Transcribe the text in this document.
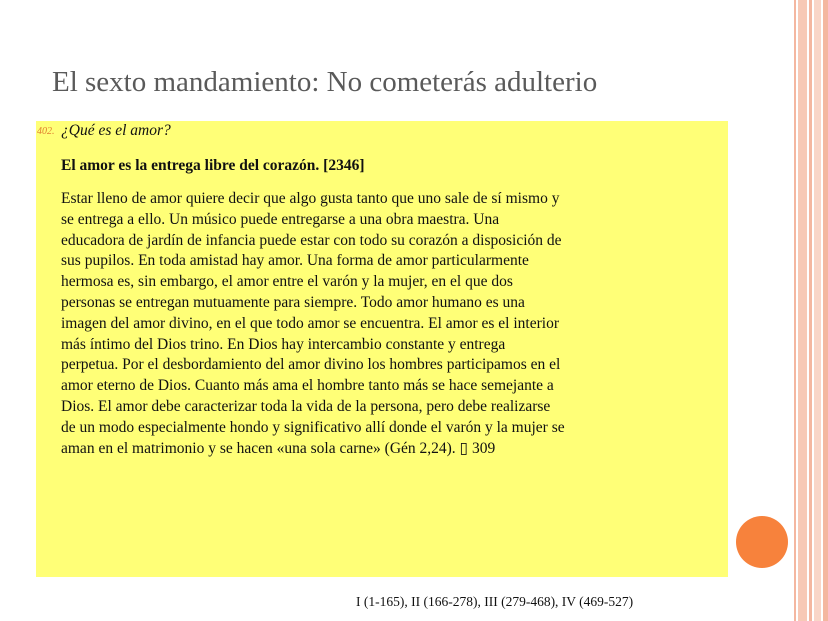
El sexto mandamiento: No cometerás adulterio
402. ¿Qué es el amor?
El amor es la entrega libre del corazón. [2346]
Estar lleno de amor quiere decir que algo gusta tanto que uno sale de sí mismo y
se entrega a ello. Un músico puede entregarse a una obra maestra. Una
educadora de jardín de infancia puede estar con todo su corazón a disposición de
sus pupilos. En toda amistad hay amor. Una forma de amor particularmente
hermosa es, sin embargo, el amor entre el varón y la mujer, en el que dos
personas se entregan mutuamente para siempre. Todo amor humano es una
imagen del amor divino, en el que todo amor se encuentra. El amor es el interior
más íntimo del Dios trino. En Dios hay intercambio constante y entrega
perpetua. Por el desbordamiento del amor divino los hombres participamos en el
amor eterno de Dios. Cuanto más ama el hombre tanto más se hace semejante a
Dios. El amor debe caracterizar toda la vida de la persona, pero debe realizarse
de un modo especialmente hondo y significativo allí donde el varón y la mujer se
aman en el matrimonio y se hacen «una sola carne» (Gén 2,24). ▯ 309
I (1-165), II (166-278), III (279-468), IV (469-527)
